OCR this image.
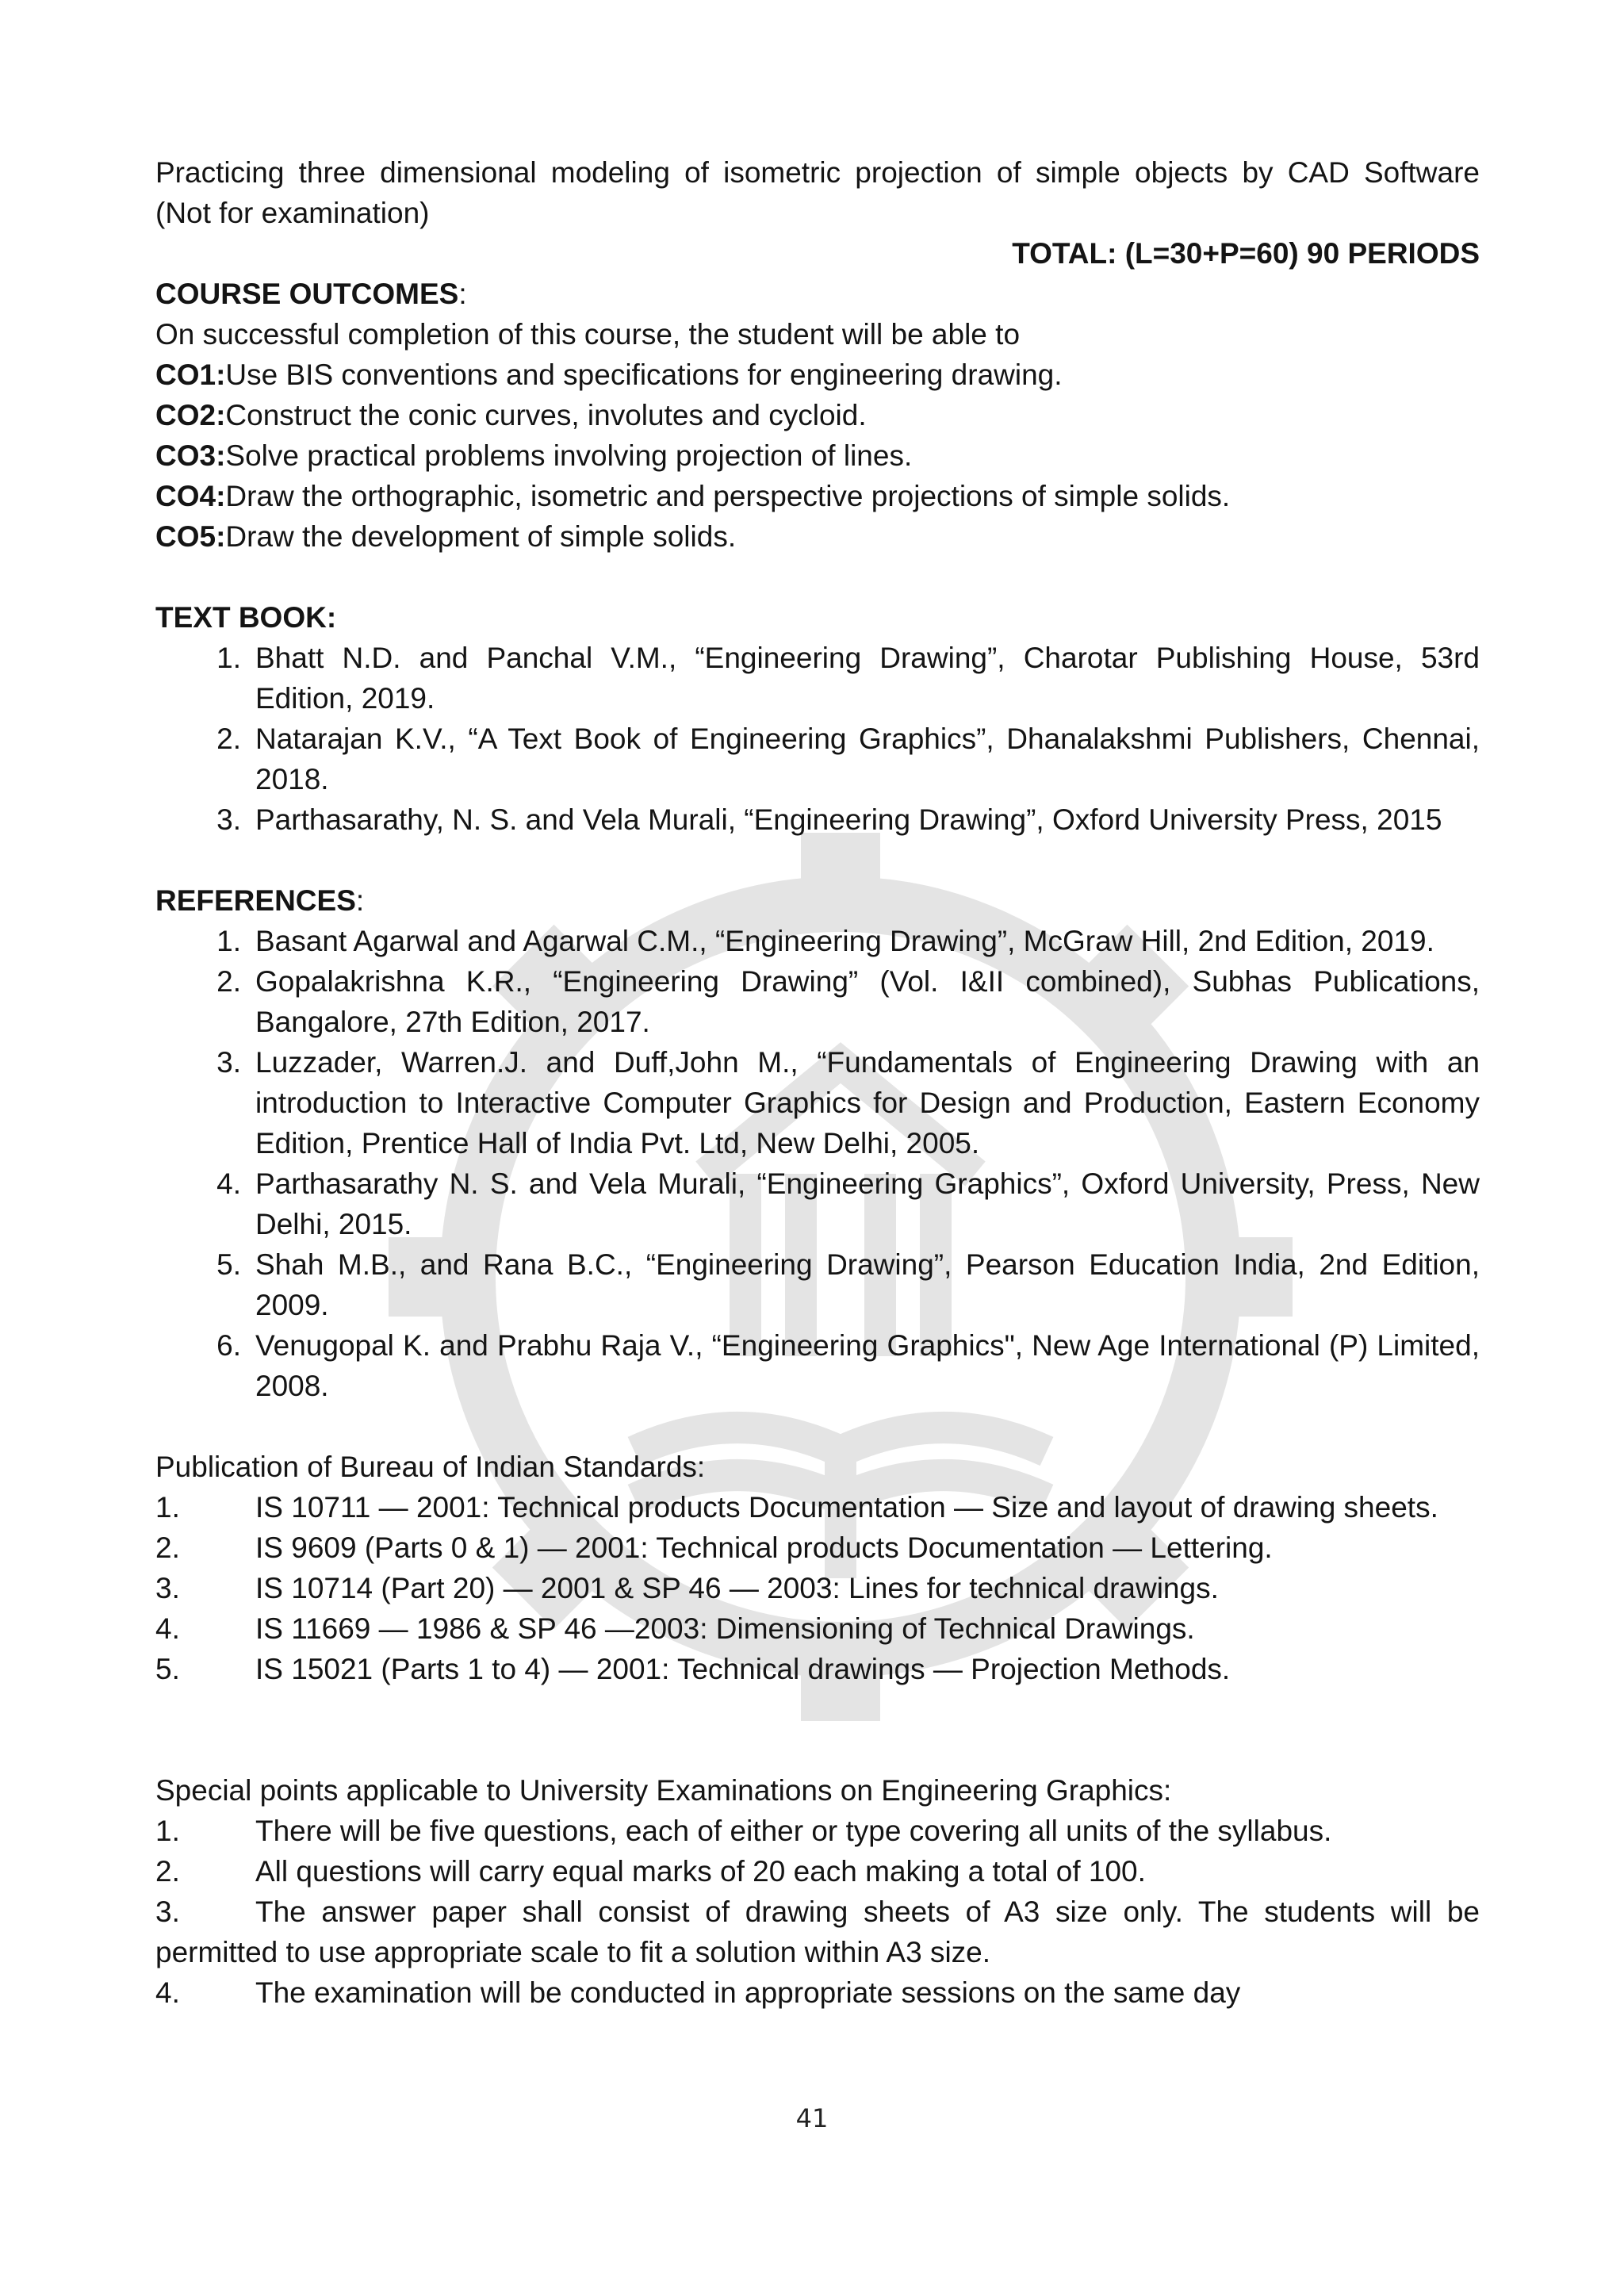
Practicing three dimensional modeling of isometric projection of simple objects by CAD Software
(Not for examination)
TOTAL: (L=30+P=60) 90 PERIODS
COURSE OUTCOMES:
On successful completion of this course, the student will be able to
CO1:Use BIS conventions and specifications for engineering drawing.
CO2:Construct the conic curves, involutes and cycloid.
CO3:Solve practical problems involving projection of lines.
CO4:Draw the orthographic, isometric and perspective projections of simple solids.
CO5:Draw the development of simple solids.
TEXT BOOK:
1. Bhatt N.D. and Panchal V.M., “Engineering Drawing”, Charotar Publishing House, 53rd Edition, 2019.
2. Natarajan K.V., “A Text Book of Engineering Graphics”, Dhanalakshmi Publishers, Chennai, 2018.
3. Parthasarathy, N. S. and Vela Murali, “Engineering Drawing”, Oxford University Press, 2015
REFERENCES:
1. Basant Agarwal and Agarwal C.M., “Engineering Drawing”, McGraw Hill, 2nd Edition, 2019.
2. Gopalakrishna K.R., “Engineering Drawing” (Vol. I&II combined), Subhas Publications, Bangalore, 27th Edition, 2017.
3. Luzzader, Warren.J. and Duff,John M., “Fundamentals of Engineering Drawing with an introduction to Interactive Computer Graphics for Design and Production, Eastern Economy Edition, Prentice Hall of India Pvt. Ltd, New Delhi, 2005.
4. Parthasarathy N. S. and Vela Murali, “Engineering Graphics”, Oxford University, Press, New Delhi, 2015.
5. Shah M.B., and Rana B.C., “Engineering Drawing”, Pearson Education India, 2nd Edition, 2009.
6. Venugopal K. and Prabhu Raja V., “Engineering Graphics", New Age International (P) Limited, 2008.
Publication of Bureau of Indian Standards:
1.	IS 10711 — 2001: Technical products Documentation — Size and layout of drawing sheets.
2.	IS 9609 (Parts 0 & 1) — 2001: Technical products Documentation — Lettering.
3.	IS 10714 (Part 20) — 2001 & SP 46 — 2003: Lines for technical drawings.
4.	IS 11669 — 1986 & SP 46 —2003: Dimensioning of Technical Drawings.
5.	IS 15021 (Parts 1 to 4) — 2001: Technical drawings — Projection Methods.
Special points applicable to University Examinations on Engineering Graphics:
1.	There will be five questions, each of either or type covering all units of the syllabus.
2.	All questions will carry equal marks of 20 each making a total of 100.
3.	The answer paper shall consist of drawing sheets of A3 size only. The students will be permitted to use appropriate scale to fit a solution within A3 size.
4.	The examination will be conducted in appropriate sessions on the same day
41
